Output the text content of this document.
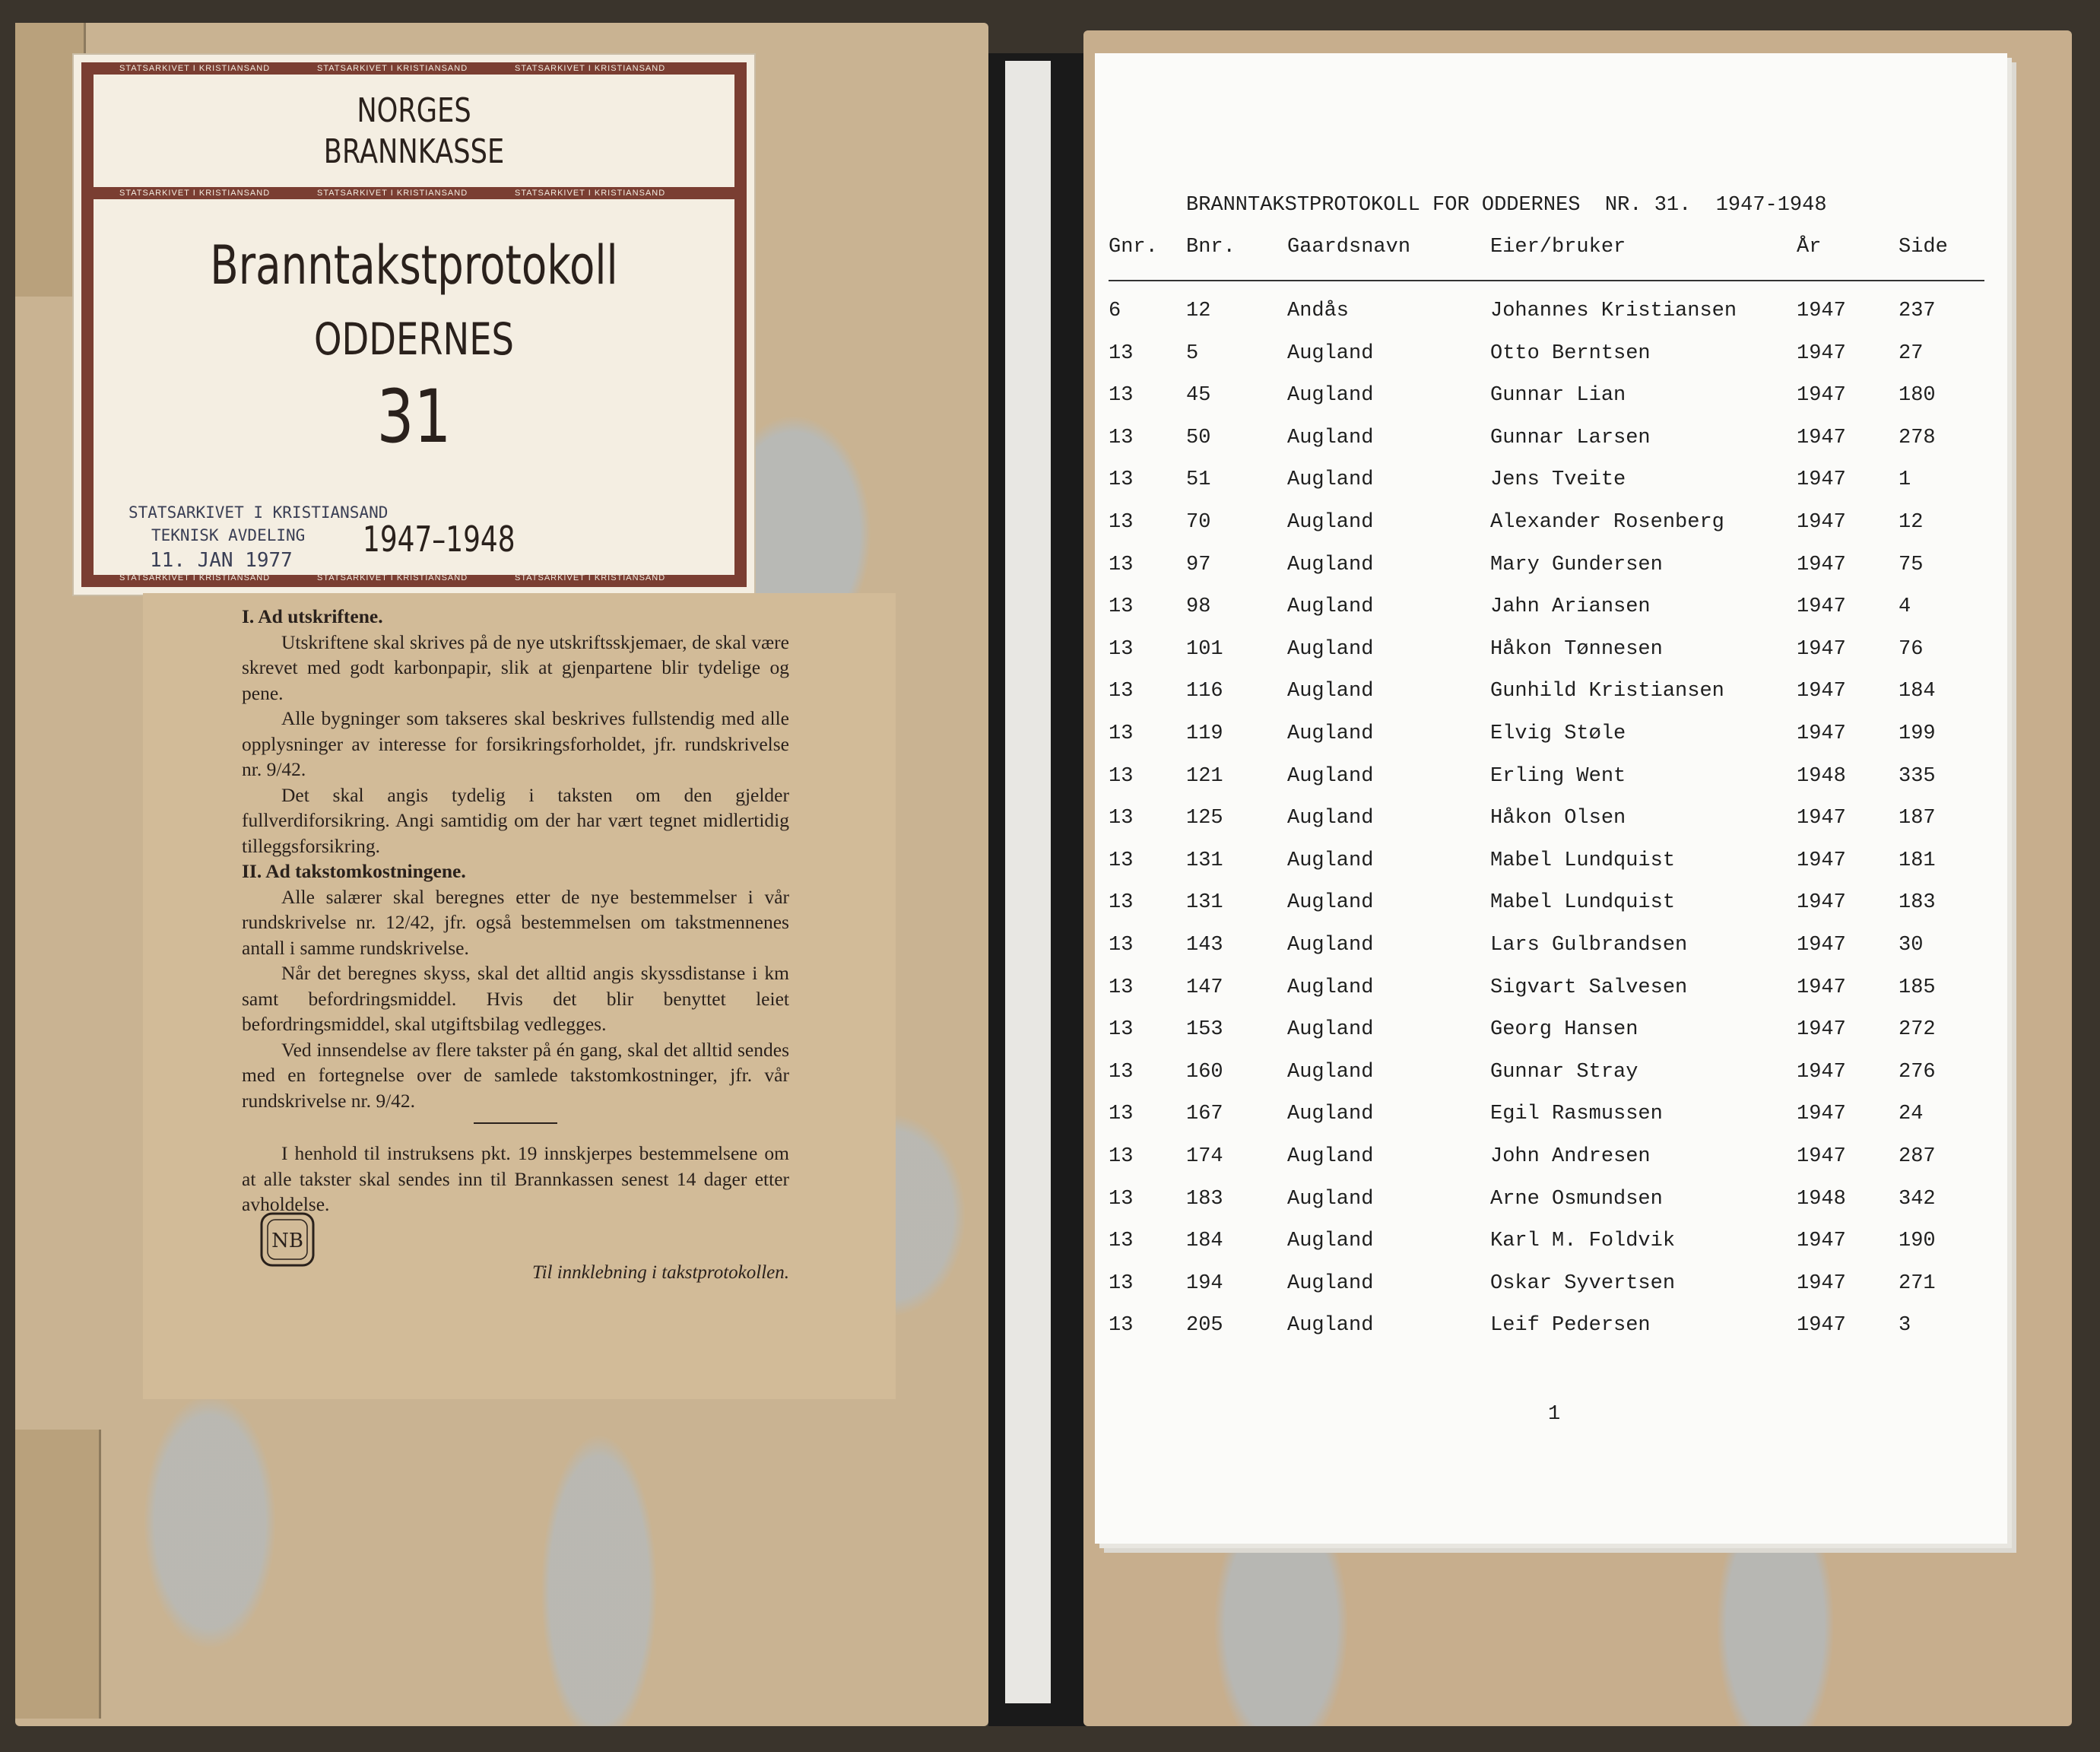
STATSARKIVET I KRISTIANSAND	STATSARKIVET I KRISTIANSAND	STATSARKIVET I KRISTIANSAND
STATSARKIVET I KRISTIANSAND	STATSARKIVET I KRISTIANSAND	STATSARKIVET I KRISTIANSAND
STATSARKIVET I KRISTIANSAND	STATSARKIVET I KRISTIANSAND	STATSARKIVET I KRISTIANSAND
NORGES
BRANNKASSE
Branntakstprotokoll
ODDERNES
31
STATSARKIVET I KRISTIANSAND
TEKNISK AVDELING
11. JAN 1977
1947–1948
I. Ad utskriftene.

Utskriftene skal skrives på de nye utskriftsskjemaer, de skal være skrevet med godt karbonpapir, slik at gjenpartene blir tydelige og pene.

Alle bygninger som takseres skal beskrives fullstendig med alle opplysninger av interesse for forsikringsforholdet, jfr. rundskrivelse nr. 9/42.

Det skal angis tydelig i taksten om den gjelder fullverdiforsikring. Angi samtidig om der har vært tegnet midlertidig tilleggsforsikring.

II. Ad takstomkostningene.

Alle salærer skal beregnes etter de nye bestemmelser i vår rundskrivelse nr. 12/42, jfr. også bestemmelsen om takstmennenes antall i samme rundskrivelse.

Når det beregnes skyss, skal det alltid angis skyssdistanse i km samt befordringsmiddel. Hvis det blir benyttet leiet befordringsmiddel, skal utgiftsbilag vedlegges.

Ved innsendelse av flere takster på én gang, skal det alltid sendes med en fortegnelse over de samlede takstomkostninger, jfr. vår rundskrivelse nr. 9/42.

I henhold til instruksens pkt. 19 innskjerpes bestemmelsene om at alle takster skal sendes inn til Brannkassen senest 14 dager etter avholdelse.

NB
Til innklebning i takstprotokollen.
BRANNTAKSTPROTOKOLL FOR ODDERNES  NR. 31.  1947-1948
Gnr. Bnr.	Gaardsnavn	Eier/bruker	År	Side
6	12	Andås	Johannes Kristiansen	1947	237
13	5	Augland	Otto Berntsen	1947	27
13	45	Augland	Gunnar Lian	1947	180
13	50	Augland	Gunnar Larsen	1947	278
13	51	Augland	Jens Tveite	1947	1
13	70	Augland	Alexander Rosenberg	1947	12
13	97	Augland	Mary Gundersen	1947	75
13	98	Augland	Jahn Ariansen	1947	4
13	101	Augland	Håkon Tønnesen	1947	76
13	116	Augland	Gunhild Kristiansen	1947	184
13	119	Augland	Elvig Støle	1947	199
13	121	Augland	Erling Went	1948	335
13	125	Augland	Håkon Olsen	1947	187
13	131	Augland	Mabel Lundquist	1947	181
13	131	Augland	Mabel Lundquist	1947	183
13	143	Augland	Lars Gulbrandsen	1947	30
13	147	Augland	Sigvart Salvesen	1947	185
13	153	Augland	Georg Hansen	1947	272
13	160	Augland	Gunnar Stray	1947	276
13	167	Augland	Egil Rasmussen	1947	24
13	174	Augland	John Andresen	1947	287
13	183	Augland	Arne Osmundsen	1948	342
13	184	Augland	Karl M. Foldvik	1947	190
13	194	Augland	Oskar Syvertsen	1947	271
13	205	Augland	Leif Pedersen	1947	3
1
